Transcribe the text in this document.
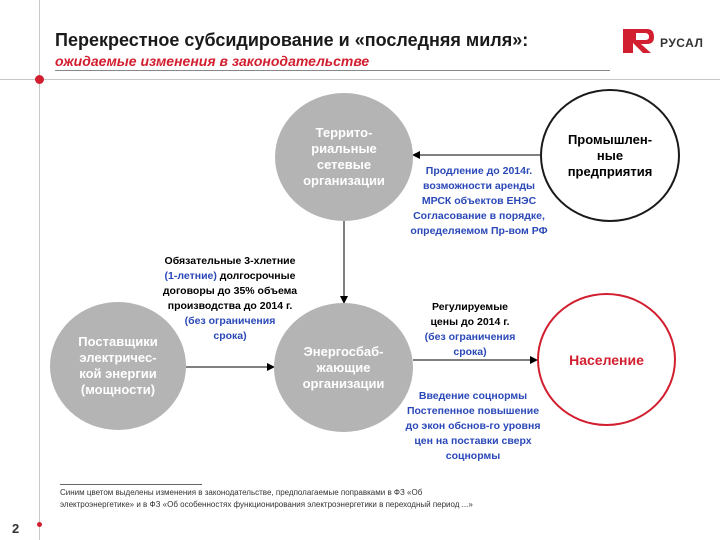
Перекрестное субсидирование и «последняя миля»:
ожидаемые изменения в законодательстве
РУСАЛ
Террито-
риальные
сетевые
организации
Промышлен-
ные
предприятия
Поставщики
электричес-
кой энергии
(мощности)
Энергосбаб-
жающие
организации
Население
Продление до 2014г.
возможности аренды
МРСК объектов ЕНЭС
Согласование в порядке,
определяемом Пр-вом РФ
Обязательные 3-хлетние
(1-летние) долгосрочные
договоры до 35% объема
производства до 2014 г.
(без ограничения
срока)
Регулируемые
цены до 2014 г.
(без ограничения
срока)
Введение соцнормы
Постепенное повышение
до экон обснов-го уровня
цен на поставки сверх
соцнормы
Синим цветом выделены изменения в законодательстве, предполагаемые поправками в ФЗ «Об
электроэнергетике» и в ФЗ «Об особенностях функционирования электроэнергетики в переходный период ...»
2
